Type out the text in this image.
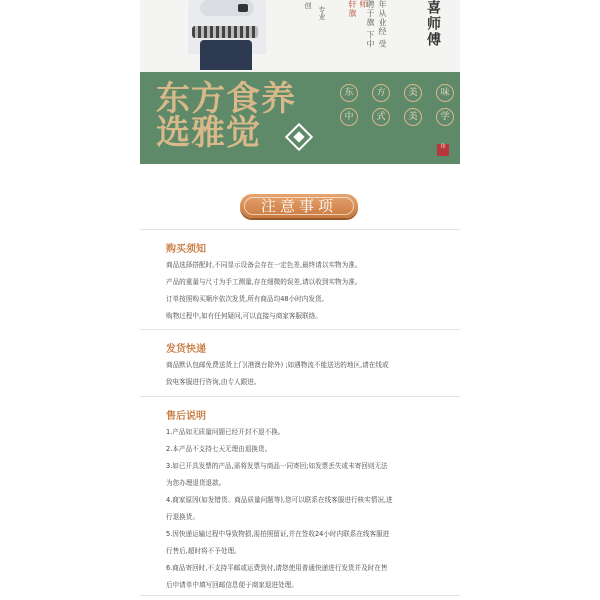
创
专业	轩旗 师	年从业经 受聘于旗 下中	喜师傅
东方食养
选雅觉
东	方	美	味
中	式	美	学
印
注意事项
购买须知
商品选择搭配时,不同显示设备会存在一定色差,最终请以实物为准。
产品的重量与尺寸为手工测量,存在细微的误差,请以收到实物为准。
订单按照购买顺序依次发货,所有商品均48小时内发货。
购物过程中,如有任何疑问,可以直接与商家客服联络。
发货快递
商品默认包邮免费送货上门(港澳台除外) ;如遇物流不能送达的地区,请在线或
致电客服进行咨询,由专人跟进。
售后说明
1.产品如无质量问题已经开封不退不换。
2.本产品不支持七天无理由退换货。
3.如已开具发票的产品,需将发票与商品一同寄回;如发票丢失或未寄回则无法
为您办理退货退款。
4.商家原因(如发错货、商品质量问题等),您可以联系在线客服进行核实情况,进
行退换货。
5.因快递运输过程中导致物损,需拍照留证,并在签收24小时内联系在线客服进
行售后,超时将不予处理。
6.商品寄回时,不支持平邮或运费到付,请您使用普通快递进行发货并及时在售
后申请单中填写回邮信息便于商家退进处理。
